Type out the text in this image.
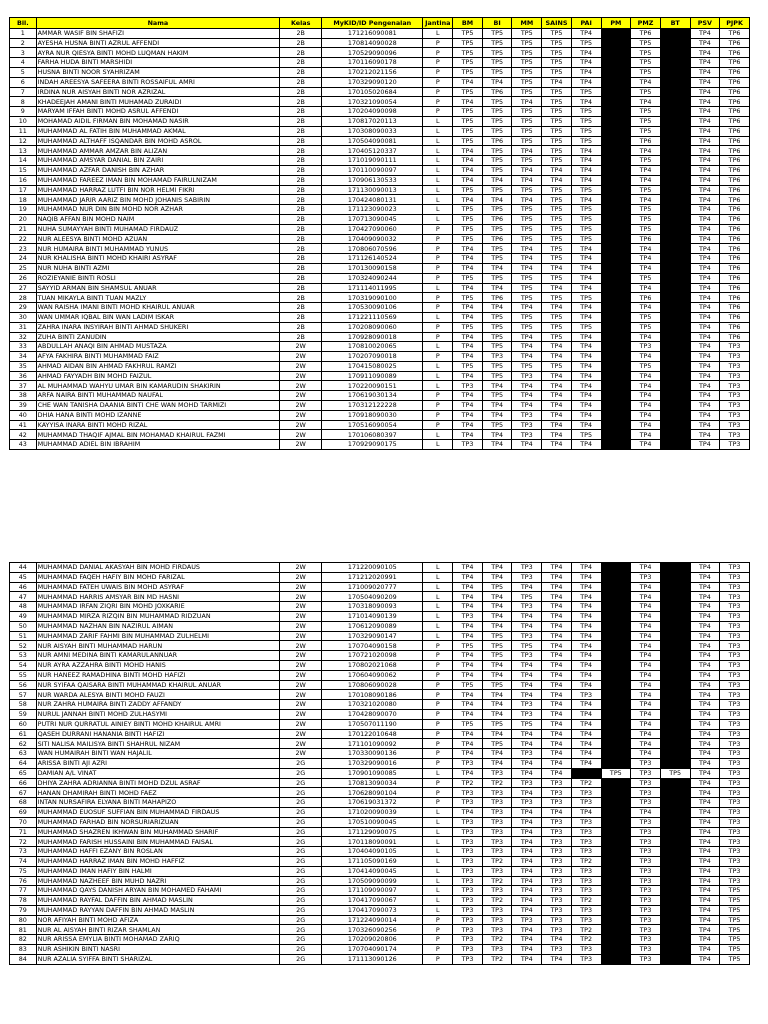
Bil.	Nama	Kelas	MyKID/ID Pengenalan	Jantina	BM	BI	MM	SAINS	PAI	PM	PMZ	BT	PSV	PJPK
1	AMMAR WASIF BIN SHAFIZI	2B	171216090081	L	TP5	TP5	TP5	TP5	TP4		TP6		TP4	TP6
2	AYESHA HUSNA BINTI AZRUL AFFENDI	2B	170814090028	P	TP5	TP5	TP5	TP5	TP5		TP5		TP4	TP6
3	AYRA NUR QIESYA BINTI MOHD LUQMAN HAKIM	2B	170529090096	P	TP5	TP5	TP5	TP5	TP4		TP5		TP4	TP6
4	FARHA HUDA BINTI MARSHIDI	2B	170116090178	P	TP5	TP5	TP5	TP5	TP4		TP5		TP4	TP6
5	HUSNA BINTI NOOR SYAHRIZAM	2B	170212021156	P	TP5	TP5	TP5	TP5	TP4		TP5		TP4	TP6
6	INDAH AREESYA SAFEERA BINTI ROSSAIFUL AMRI	2B	170329090120	P	TP4	TP4	TP5	TP4	TP4		TP4		TP4	TP6
7	IRDINA NUR AISYAH BINTI NOR AZRIZAL	2B	170105020684	P	TP5	TP6	TP5	TP5	TP5		TP5		TP4	TP6
8	KHADEEJAH AMANI BINTI MUHAMAD ZURAIDI	2B	170321090054	P	TP4	TP5	TP4	TP5	TP4		TP4		TP4	TP6
9	MARYAM IFFAH BINTI MOHD ASRUL AFFENDI	2B	170204090098	P	TP5	TP5	TP5	TP5	TP5		TP5		TP4	TP6
10	MOHAMAD AIDIL FIRMAN BIN MOHAMAD NASIR	2B	170817020113	L	TP5	TP5	TP5	TP5	TP5		TP5		TP4	TP6
11	MUHAMMAD AL FATIH BIN MUHAMMAD AKMAL	2B	170308090033	L	TP5	TP5	TP5	TP5	TP5		TP5		TP4	TP6
12	MUHAMMAD ALTHAFF ISQANDAR BIN MOHD ASROL	2B	170504090081	L	TP5	TP6	TP5	TP5	TP5		TP6		TP4	TP6
13	MUHAMMAD AMMAR AMZAR BIN ALIZAN	2B	170405120337	L	TP4	TP5	TP4	TP5	TP4		TP4		TP4	TP6
14	MUHAMMAD AMSYAR DANIAL BIN ZAIRI	2B	171019090111	L	TP4	TP5	TP5	TP5	TP4		TP5		TP4	TP6
15	MUHAMMAD AZFAR DANISH BIN AZHAR	2B	170110090097	L	TP4	TP5	TP4	TP4	TP4		TP4		TP4	TP6
16	MUHAMMAD FAREEZ IMAN BIN MOHAMAD FAIRULNIZAM	2B	170906130533	L	TP4	TP4	TP4	TP4	TP4		TP4		TP4	TP6
17	MUHAMMAD HARRAZ LUTFI BIN NOR HELMI FIKRI	2B	171130090013	L	TP5	TP5	TP5	TP5	TP5		TP5		TP4	TP6
18	MUHAMMAD JARIR AARIZ BIN MOHD JOHANIS SABIRIN	2B	170424080131	L	TP4	TP4	TP4	TP5	TP4		TP4		TP4	TP6
19	MUHAMMAD NUR DIN BIN MOHD NOR AZHAR	2B	171123090023	L	TP5	TP5	TP5	TP5	TP5		TP5		TP4	TP6
20	NAQIB AFFAN BIN MOHD NAIM	2B	170713090045	L	TP5	TP6	TP5	TP5	TP5		TP5		TP4	TP6
21	NUHA SUMAYYAH BINTI MUHAMAD FIRDAUZ	2B	170427090060	P	TP5	TP5	TP5	TP5	TP5		TP5		TP4	TP6
22	NUR ALEESYA BINTI MOHD AZUAN	2B	170409090032	P	TP5	TP6	TP5	TP5	TP5		TP6		TP4	TP6
23	NUR HUMAIRA BINTI MUHAMMAD YUNUS	2B	170806070596	P	TP4	TP5	TP4	TP5	TP4		TP4		TP4	TP6
24	NUR KHALISHA BINTI MOHD KHAIRI ASYRAF	2B	171126140524	P	TP4	TP5	TP4	TP5	TP4		TP4		TP4	TP6
25	NUR NUHA BINTI AZMI	2B	170130090158	P	TP4	TP4	TP4	TP4	TP4		TP4		TP4	TP6
26	ROZIEYANIE BINTI ROSLI	2B	170324090244	P	TP5	TP5	TP5	TP5	TP4		TP5		TP4	TP6
27	SAYYID ARMAN BIN SHAMSUL ANUAR	2B	171114011995	L	TP4	TP4	TP5	TP4	TP4		TP4		TP4	TP6
28	TUAN MIKAYLA BINTI TUAN MAZLY	2B	170319090100	P	TP5	TP6	TP5	TP5	TP5		TP6		TP4	TP6
29	WAN RAISHA IMANI BINTI MOHD KHAIRUL ANUAR	2B	170530090106	P	TP4	TP4	TP4	TP4	TP4		TP4		TP4	TP6
30	WAN UMMAR IQBAL BIN WAN LADIM ISKAR	2B	171221110569	L	TP4	TP5	TP5	TP5	TP4		TP5		TP4	TP6
31	ZAHRA INARA INSYIRAH BINTI AHMAD SHUKERI	2B	170208090060	P	TP5	TP5	TP5	TP5	TP5		TP5		TP4	TP6
32	ZUHA BINTI ZANUDIN	2B	170928090018	P	TP4	TP5	TP4	TP5	TP4		TP4		TP4	TP6
33	ABDULLAH ANAQI BIN AHMAD MUSTAZA	2W	170810020065	L	TP4	TP5	TP4	TP4	TP4		TP3		TP4	TP3
34	AFYA FAKHIRA BINTI MUHAMMAD FAIZ	2W	170207090018	P	TP4	TP3	TP4	TP4	TP4		TP4		TP4	TP3
35	AHMAD AIDAN BIN AHMAD FAKHRUL RAMZI	2W	170415080025	L	TP5	TP5	TP5	TP5	TP4		TP5		TP4	TP3
36	AHMAD FAYYADH BIN MOHD FAIZUL	2W	170911090089	L	TP4	TP5	TP3	TP4	TP4		TP4		TP4	TP3
37	AL MUHAMMAD WAHYU UMAR BIN KAMARUDIN SHAKIRIN	2W	170220090151	L	TP3	TP4	TP4	TP4	TP4		TP4		TP4	TP3
38	ARFA NAIRA BINTI MUHAMMAD NAUFAL	2W	170619030134	P	TP4	TP5	TP4	TP4	TP4		TP4		TP4	TP3
39	CHE WAN TANISHA DAANIA BINTI CHE WAN MOHD TARMIZI	2W	170312122228	P	TP4	TP4	TP4	TP4	TP4		TP4		TP4	TP3
40	DHIA HANA BINTI MOHD IZANNE	2W	170918090030	P	TP4	TP4	TP3	TP4	TP4		TP4		TP4	TP3
41	KAYYISA INARA BINTI MOHD RIZAL	2W	170516090054	P	TP4	TP5	TP3	TP4	TP4		TP4		TP4	TP3
42	MUHAMMAD THAQIF AJMAL BIN MOHAMAD KHAIRUL FAZMI	2W	170106080397	L	TP4	TP4	TP3	TP4	TP5		TP4		TP4	TP3
43	MUHAMMAD ADIEL BIN IBRAHIM	2W	170929090175	L	TP3	TP4	TP4	TP4	TP4		TP4		TP4	TP3
44	MUHAMMAD DANIAL AKASYAH BIN MOHD FIRDAUS	2W	171220090105	L	TP4	TP4	TP3	TP4	TP4		TP4		TP4	TP3
45	MUHAMMAD FAQEH HAFIY BIN MOHD FARIZAL	2W	171212020991	L	TP4	TP4	TP3	TP4	TP4		TP3		TP4	TP3
46	MUHAMMAD FATEH UWAIS BIN MOHD ASYRAF	2W	171009020777	L	TP4	TP5	TP4	TP4	TP4		TP4		TP4	TP3
47	MUHAMMAD HARRIS AMSYAR BIN MD HASNI	2W	170504090209	L	TP4	TP4	TP5	TP4	TP4		TP4		TP4	TP3
48	MUHAMMAD IRFAN ZIQRI BIN MOHD JOXKARIE	2W	170318090093	L	TP4	TP4	TP3	TP4	TP4		TP4		TP4	TP3
49	MUHAMMAD MIRZA RIZQIN BIN MUHAMMAD RIDZUAN	2W	171014090139	L	TP3	TP4	TP4	TP4	TP4		TP4		TP4	TP3
50	MUHAMMAD NAZHAN BIN NAZIRUL AIMAN	2W	170612090089	L	TP4	TP4	TP4	TP4	TP4		TP4		TP4	TP3
51	MUHAMMAD ZARIF FAHMI BIN MUHAMMAD ZULHELMI	2W	170329090147	L	TP4	TP5	TP3	TP4	TP4		TP4		TP4	TP3
52	NUR AISYAH BINTI MUHAMMAD HARUN	2W	170704090158	P	TP5	TP5	TP5	TP4	TP4		TP4		TP4	TP3
53	NUR AMNI MEDINA BINTI KAMARULANNUAR	2W	170721020098	P	TP4	TP5	TP3	TP4	TP4		TP4		TP4	TP3
54	NUR AYRA AZZAHRA BINTI MOHD HANIS	2W	170802021068	P	TP4	TP4	TP4	TP4	TP4		TP4		TP4	TP3
55	NUR HANEEZ RAMADHINA BINTI MOHD HAFIZI	2W	170604090062	P	TP4	TP4	TP4	TP4	TP4		TP4		TP4	TP3
56	NUR SYIFAA QAISARA BINTI MUHAMMAD KHAIRUL ANUAR	2W	170806090028	P	TP5	TP5	TP4	TP4	TP4		TP4		TP4	TP3
57	NUR WARDA ALESYA BINTI MOHD FAUZI	2W	170108090186	P	TP4	TP4	TP4	TP4	TP3		TP4		TP4	TP3
58	NUR ZAHRA HUMAIRA BINTI ZADDY AFFANDY	2W	170321020080	P	TP4	TP4	TP3	TP4	TP4		TP4		TP4	TP3
59	NURUL JANNAH BINTI MOHD ZULHASYMI	2W	170428090070	P	TP4	TP4	TP3	TP4	TP4		TP4		TP4	TP3
60	PUTRI NUR QURRATUL AINIEY BINTI MOHD KHAIRUL AMRI	2W	170507011190	P	TP5	TP5	TP5	TP4	TP4		TP4		TP4	TP3
61	QASEH DURRANI HANANIA BINTI HAFIZI	2W	170122010648	P	TP4	TP4	TP4	TP4	TP4		TP4		TP4	TP3
62	SITI NALISA MAILISYA BINTI SHAHRUL NIZAM	2W	171101090092	P	TP4	TP5	TP4	TP4	TP4		TP4		TP4	TP3
63	WAN HUMAIRAH BINTI WAN HAJALIL	2W	170330090136	P	TP4	TP4	TP3	TP4	TP4		TP4		TP4	TP3
64	ARISSA BINTI AJI AZRI	2G	170329090016	P	TP3	TP4	TP4	TP4	TP4		TP3		TP4	TP3
65	DAMIAN A/L VINAT	2G	170901090085	L	TP4	TP3	TP4	TP4		TP5	TP3	TP5	TP4	TP3
66	DHIYA ZAHRA ADRIANNA BINTI MOHD DZUL ASRAF	2G	170813090034	P	TP2	TP2	TP3	TP3	TP2		TP3		TP4	TP3
67	HANAN DHAMIRAH BINTI MOHD FAEZ	2G	170628090104	P	TP3	TP3	TP4	TP3	TP3		TP3		TP4	TP3
68	INTAN NURSAFIRA ELYANA BINTI MAHAPIZO	2G	170619031372	P	TP3	TP3	TP3	TP3	TP3		TP3		TP4	TP3
69	MUHAMMAD EUOSUF SUFFIAN BIN MUHAMMAD FIRDAUS	2G	171020090039	L	TP4	TP3	TP4	TP4	TP4		TP4		TP4	TP3
70	MUHAMMAD FARHAD BIN NORSURIARIZUAN	2G	170510090045	L	TP3	TP3	TP4	TP3	TP3		TP3		TP4	TP3
71	MUHAMMAD SHAZREN IKHWAN BIN MUHAMMAD SHARIF	2G	171129090075	L	TP3	TP3	TP4	TP3	TP3		TP3		TP4	TP3
72	MUHAMMAD FARISH HUSSAINI BIN MUHAMMAD FAISAL	2G	170118090091	L	TP3	TP3	TP4	TP3	TP3		TP3		TP4	TP3
73	MUHAMMAD HAFFI EZANY BIN ROSLAN	2G	170404090105	L	TP3	TP3	TP4	TP3	TP3		TP3		TP4	TP3
74	MUHAMMAD HARRAZ IMAN BIN MOHD HAFFIZ	2G	171105090169	L	TP3	TP2	TP4	TP3	TP2		TP3		TP4	TP3
75	MUHAMMAD IMAN HAFIY BIN HALMI	2G	170414090045	L	TP3	TP3	TP4	TP3	TP3		TP3		TP4	TP3
76	MUHAMMAD NAZHEEF BIN MUHD NAZRI	2G	170509090099	L	TP3	TP2	TP4	TP3	TP3		TP3		TP4	TP3
77	MUHAMMAD QAYS DANISH ARYAN BIN MOHAMED FAHAMI	2G	171109090097	L	TP3	TP3	TP4	TP3	TP3		TP3		TP4	TP5
78	MUHAMMAD RAYFAL DAFFIN BIN AHMAD MASLIN	2G	170417090067	L	TP3	TP2	TP4	TP3	TP2		TP3		TP4	TP5
79	MUHAMMAD RAYYAN DAFFIN BIN AHMAD MASLIN	2G	170417090073	L	TP3	TP3	TP4	TP3	TP3		TP3		TP4	TP5
80	NOR AFIYAH BINTI MOHD AFIZA	2G	171224090014	P	TP3	TP3	TP3	TP3	TP3		TP3		TP4	TP5
81	NUR AL AISYAH BINTI RIZAR SHAMLAN	2G	170326090256	P	TP3	TP3	TP4	TP3	TP2		TP3		TP4	TP5
82	NUR ARISSA EMYLIA BINTI MOHAMAD ZARIQ	2G	170209020806	P	TP3	TP2	TP4	TP4	TP2		TP3		TP4	TP5
83	NUR ASHIKIN BINTI NASRI	2G	170704090174	P	TP3	TP3	TP4	TP3	TP3		TP3		TP4	TP5
84	NUR AZALIA SYIFFA BINTI SHARIZAL	2G	171113090126	P	TP3	TP2	TP4	TP4	TP3		TP3		TP4	TP5
